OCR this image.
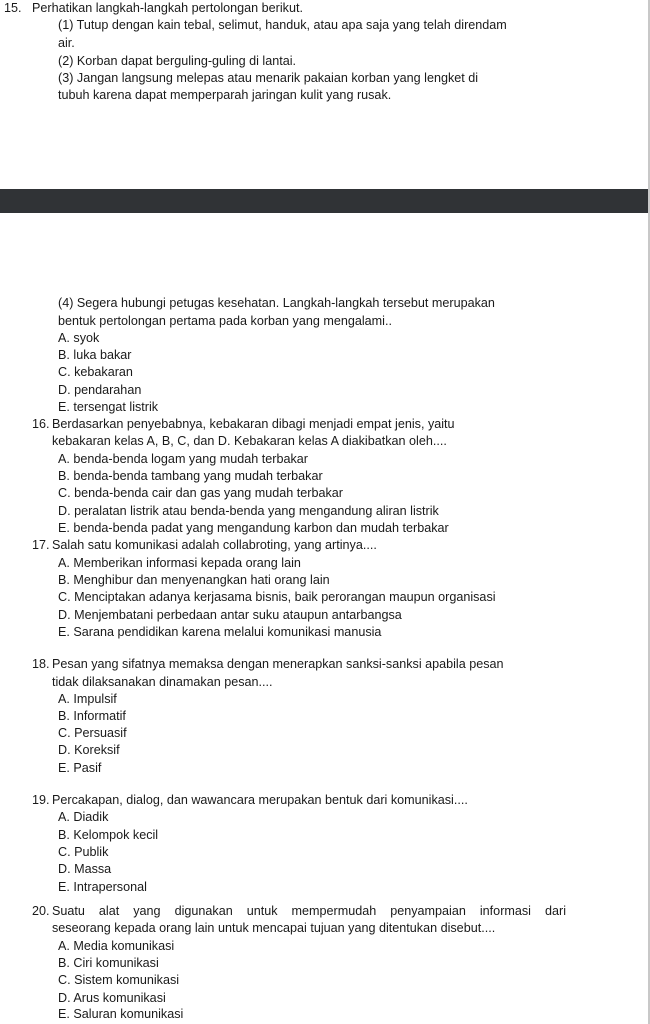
15. Perhatikan langkah-langkah pertolongan berikut.
(1) Tutup dengan kain tebal, selimut, handuk, atau apa saja yang telah direndam
air.
(2) Korban dapat berguling-guling di lantai.
(3) Jangan langsung melepas atau menarik pakaian korban yang lengket di
tubuh karena dapat memperparah jaringan kulit yang rusak.
(4) Segera hubungi petugas kesehatan. Langkah-langkah tersebut merupakan
bentuk pertolongan pertama pada korban yang mengalami..
A. syok
B. luka bakar
C. kebakaran
D. pendarahan
E. tersengat listrik
16. Berdasarkan penyebabnya, kebakaran dibagi menjadi empat jenis, yaitu
kebakaran kelas A, B, C, dan D. Kebakaran kelas A diakibatkan oleh....
A. benda-benda logam yang mudah terbakar
B. benda-benda tambang yang mudah terbakar
C. benda-benda cair dan gas yang mudah terbakar
D. peralatan listrik atau benda-benda yang mengandung aliran listrik
E. benda-benda padat yang mengandung karbon dan mudah terbakar
17. Salah satu komunikasi adalah collabroting, yang artinya....
A. Memberikan informasi kepada orang lain
B. Menghibur dan menyenangkan hati orang lain
C. Menciptakan adanya kerjasama bisnis, baik perorangan maupun organisasi
D. Menjembatani perbedaan antar suku ataupun antarbangsa
E. Sarana pendidikan karena melalui komunikasi manusia
18. Pesan yang sifatnya memaksa dengan menerapkan sanksi-sanksi apabila pesan
tidak dilaksanakan dinamakan pesan....
A. Impulsif
B. Informatif
C. Persuasif
D. Koreksif
E. Pasif
19. Percakapan, dialog, dan wawancara merupakan bentuk dari komunikasi....
A. Diadik
B. Kelompok kecil
C. Publik
D. Massa
E. Intrapersonal
20. Suatu alat yang digunakan untuk mempermudah penyampaian informasi dari
seseorang kepada orang lain untuk mencapai tujuan yang ditentukan disebut....
A. Media komunikasi
B. Ciri komunikasi
C. Sistem komunikasi
D. Arus komunikasi
E. Saluran komunikasi
